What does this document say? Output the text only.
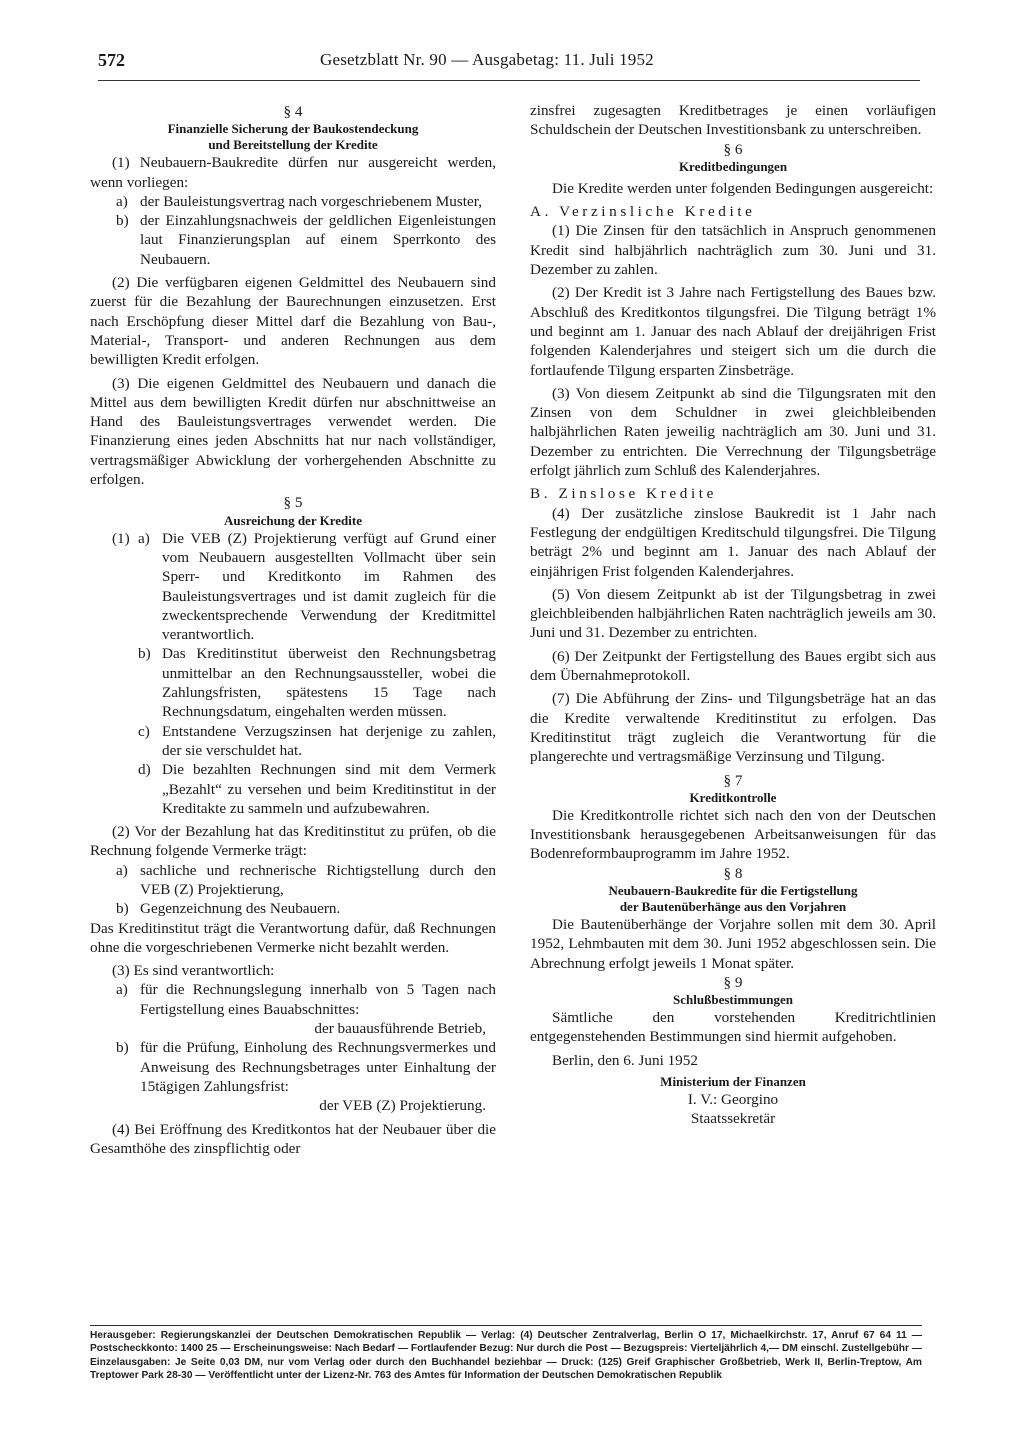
572	Gesetzblatt Nr. 90 — Ausgabetag: 11. Juli 1952

§ 4

Finanzielle Sicherung der Baukostendeckung

und Bereitstellung der Kredite

(1) Neubauern-Baukredite dürfen nur ausgereicht werden, wenn vorliegen:

a) der Bauleistungsvertrag nach vorgeschriebenem Muster,
b) der Einzahlungsnachweis der geldlichen Eigenleistungen laut Finanzierungsplan auf einem Sperrkonto des Neubauern.

(2) Die verfügbaren eigenen Geldmittel des Neubauern sind zuerst für die Bezahlung der Baurechnungen einzusetzen. Erst nach Erschöpfung dieser Mittel darf die Bezahlung von Bau-, Material-, Transport- und anderen Rechnungen aus dem bewilligten Kredit erfolgen.

(3) Die eigenen Geldmittel des Neubauern und danach die Mittel aus dem bewilligten Kredit dürfen nur abschnittweise an Hand des Bauleistungsvertrages verwendet werden. Die Finanzierung eines jeden Abschnitts hat nur nach vollständiger, vertragsmäßiger Abwicklung der vorhergehenden Abschnitte zu erfolgen.

§ 5

Ausreichung der Kredite

(1) a) Die VEB (Z) Projektierung verfügt auf Grund einer vom Neubauern ausgestellten Vollmacht über sein Sperr- und Kreditkonto im Rahmen des Bauleistungsvertrages und ist damit zugleich für die zweckentsprechende Verwendung der Kreditmittel verantwortlich.
b) Das Kreditinstitut überweist den Rechnungsbetrag unmittelbar an den Rechnungsaussteller, wobei die Zahlungsfristen, spätestens 15 Tage nach Rechnungsdatum, eingehalten werden müssen.
c) Entstandene Verzugszinsen hat derjenige zu zahlen, der sie verschuldet hat.
d) Die bezahlten Rechnungen sind mit dem Vermerk „Bezahlt“ zu versehen und beim Kreditinstitut in der Kreditakte zu sammeln und aufzubewahren.

(2) Vor der Bezahlung hat das Kreditinstitut zu prüfen, ob die Rechnung folgende Vermerke trägt:

a) sachliche und rechnerische Richtigstellung durch den VEB (Z) Projektierung,
b) Gegenzeichnung des Neubauern.

Das Kreditinstitut trägt die Verantwortung dafür, daß Rechnungen ohne die vorgeschriebenen Vermerke nicht bezahlt werden.

(3) Es sind verantwortlich:

a) für die Rechnungslegung innerhalb von 5 Tagen nach Fertigstellung eines Bauabschnittes:

der bauausführende Betrieb,

b) für die Prüfung, Einholung des Rechnungsvermerkes und Anweisung des Rechnungsbetrages unter Einhaltung der 15tägigen Zahlungsfrist:

der VEB (Z) Projektierung.

(4) Bei Eröffnung des Kreditkontos hat der Neubauer über die Gesamthöhe des zinspflichtig oder

zinsfrei zugesagten Kreditbetrages je einen vorläufigen Schuldschein der Deutschen Investitionsbank zu unterschreiben.

§ 6

Kreditbedingungen

Die Kredite werden unter folgenden Bedingungen ausgereicht:

A. Verzinsliche Kredite

(1) Die Zinsen für den tatsächlich in Anspruch genommenen Kredit sind halbjährlich nachträglich zum 30. Juni und 31. Dezember zu zahlen.

(2) Der Kredit ist 3 Jahre nach Fertigstellung des Baues bzw. Abschluß des Kreditkontos tilgungsfrei. Die Tilgung beträgt 1% und beginnt am 1. Januar des nach Ablauf der dreijährigen Frist folgenden Kalenderjahres und steigert sich um die durch die fortlaufende Tilgung ersparten Zinsbeträge.

(3) Von diesem Zeitpunkt ab sind die Tilgungsraten mit den Zinsen von dem Schuldner in zwei gleichbleibenden halbjährlichen Raten jeweilig nachträglich am 30. Juni und 31. Dezember zu entrichten. Die Verrechnung der Tilgungsbeträge erfolgt jährlich zum Schluß des Kalenderjahres.

B. Zinslose Kredite

(4) Der zusätzliche zinslose Baukredit ist 1 Jahr nach Festlegung der endgültigen Kreditschuld tilgungsfrei. Die Tilgung beträgt 2% und beginnt am 1. Januar des nach Ablauf der einjährigen Frist folgenden Kalenderjahres.

(5) Von diesem Zeitpunkt ab ist der Tilgungsbetrag in zwei gleichbleibenden halbjährlichen Raten nachträglich jeweils am 30. Juni und 31. Dezember zu entrichten.

(6) Der Zeitpunkt der Fertigstellung des Baues ergibt sich aus dem Übernahmeprotokoll.

(7) Die Abführung der Zins- und Tilgungsbeträge hat an das die Kredite verwaltende Kreditinstitut zu erfolgen. Das Kreditinstitut trägt zugleich die Verantwortung für die plangerechte und vertragsmäßige Verzinsung und Tilgung.

§ 7

Kreditkontrolle

Die Kreditkontrolle richtet sich nach den von der Deutschen Investitionsbank herausgegebenen Arbeitsanweisungen für das Bodenreformbauprogramm im Jahre 1952.

§ 8

Neubauern-Baukredite für die Fertigstellung

der Bautenüberhänge aus den Vorjahren

Die Bautenüberhänge der Vorjahre sollen mit dem 30. April 1952, Lehmbauten mit dem 30. Juni 1952 abgeschlossen sein. Die Abrechnung erfolgt jeweils 1 Monat später.

§ 9

Schlußbestimmungen

Sämtliche den vorstehenden Kreditrichtlinien entgegenstehenden Bestimmungen sind hiermit aufgehoben.

Berlin, den 6. Juni 1952

Ministerium der Finanzen

I. V.: Georgino

Staatssekretär

Herausgeber: Regierungskanzlei der Deutschen Demokratischen Republik — Verlag: (4) Deutscher Zentralverlag, Berlin O 17, Michaelkirchstr. 17, Anruf 67 64 11 — Postscheckkonto: 1400 25 — Erscheinungsweise: Nach Bedarf — Fortlaufender Bezug: Nur durch die Post — Bezugspreis: Vierteljährlich 4,— DM einschl. Zustellgebühr — Einzelausgaben: Je Seite 0,03 DM, nur vom Verlag oder durch den Buchhandel beziehbar — Druck: (125) Greif Graphischer Großbetrieb, Werk II, Berlin-Treptow, Am Treptower Park 28-30 — Veröffentlicht unter der Lizenz-Nr. 763 des Amtes für Information der Deutschen Demokratischen Republik
